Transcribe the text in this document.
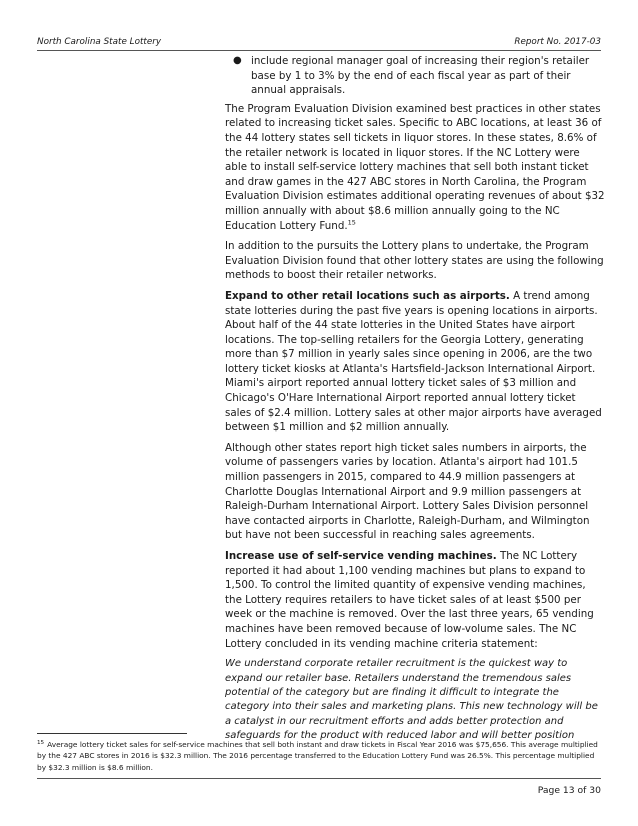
North Carolina State Lottery	Report No. 2017-03
● include regional manager goal of increasing their region's retailer base by 1 to 3% by the end of each fiscal year as part of their annual appraisals.

The Program Evaluation Division examined best practices in other states related to increasing ticket sales. Specific to ABC locations, at least 36 of the 44 lottery states sell tickets in liquor stores. In these states, 8.6% of the retailer network is located in liquor stores. If the NC Lottery were able to install self-service lottery machines that sell both instant ticket and draw games in the 427 ABC stores in North Carolina, the Program Evaluation Division estimates additional operating revenues of about $32 million annually with about $8.6 million annually going to the NC Education Lottery Fund.$^{15}$

In addition to the pursuits the Lottery plans to undertake, the Program Evaluation Division found that other lottery states are using the following methods to boost their retailer networks.

Expand to other retail locations such as airports. A trend among state lotteries during the past five years is opening locations in airports. About half of the 44 state lotteries in the United States have airport locations. The top-selling retailers for the Georgia Lottery, generating more than $7 million in yearly sales since opening in 2006, are the two lottery ticket kiosks at Atlanta's Hartsfield-Jackson International Airport. Miami's airport reported annual lottery ticket sales of $3 million and Chicago's O'Hare International Airport reported annual lottery ticket sales of $2.4 million. Lottery sales at other major airports have averaged between $1 million and $2 million annually.

Although other states report high ticket sales numbers in airports, the volume of passengers varies by location. Atlanta's airport had 101.5 million passengers in 2015, compared to 44.9 million passengers at Charlotte Douglas International Airport and 9.9 million passengers at Raleigh-Durham International Airport. Lottery Sales Division personnel have contacted airports in Charlotte, Raleigh-Durham, and Wilmington but have not been successful in reaching sales agreements.

Increase use of self-service vending machines. The NC Lottery reported it had about 1,100 vending machines but plans to expand to 1,500. To control the limited quantity of expensive vending machines, the Lottery requires retailers to have ticket sales of at least $500 per week or the machine is removed. Over the last three years, 65 vending machines have been removed because of low-volume sales. The NC Lottery concluded in its vending machine criteria statement:

We understand corporate retailer recruitment is the quickest way to expand our retailer base. Retailers understand the tremendous sales potential of the category but are finding it difficult to integrate the category into their sales and marketing plans. This new technology will be a catalyst in our recruitment efforts and adds better protection and safeguards for the product with reduced labor and will better position

$^{15}$ Average lottery ticket sales for self-service machines that sell both instant and draw tickets in Fiscal Year 2016 was $75,656. This average multiplied by the 427 ABC stores in 2016 is $32.3 million. The 2016 percentage transferred to the Education Lottery Fund was 26.5%. This percentage multiplied by $32.3 million is $8.6 million.
Page 13 of 30
